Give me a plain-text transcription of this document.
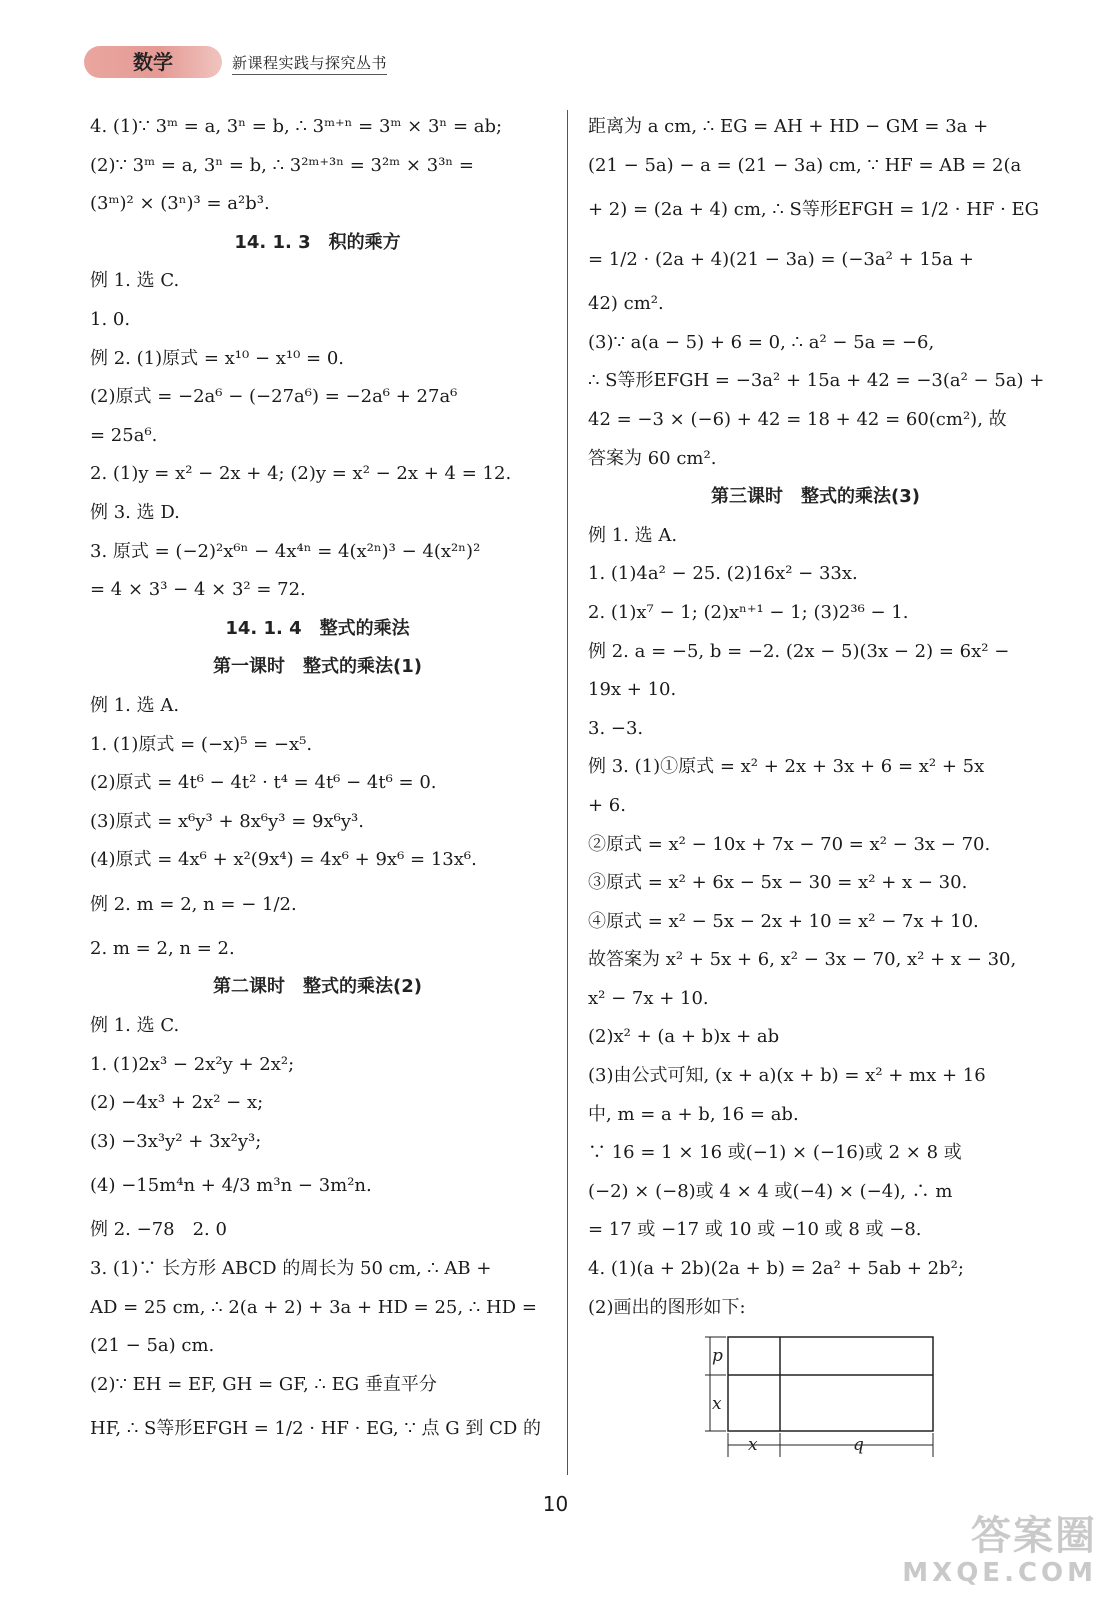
数学	新课程实践与探究丛书
4. (1)∵ 3ᵐ = a, 3ⁿ = b, ∴ 3ᵐ⁺ⁿ = 3ᵐ × 3ⁿ = ab;
(2)∵ 3ᵐ = a, 3ⁿ = b, ∴ 3²ᵐ⁺³ⁿ = 3²ᵐ × 3³ⁿ =
(3ᵐ)² × (3ⁿ)³ = a²b³.
14. 1. 3　积的乘方
例 1. 选 C.
1. 0.
例 2. (1)原式 = x¹⁰ − x¹⁰ = 0.
(2)原式 = −2a⁶ − (−27a⁶) = −2a⁶ + 27a⁶
= 25a⁶.
2. (1)y = x² − 2x + 4; (2)y = x² − 2x + 4 = 12.
例 3. 选 D.
3. 原式 = (−2)²x⁶ⁿ − 4x⁴ⁿ = 4(x²ⁿ)³ − 4(x²ⁿ)²
= 4 × 3³ − 4 × 3² = 72.
14. 1. 4　整式的乘法
第一课时　整式的乘法(1)
例 1. 选 A.
1. (1)原式 = (−x)⁵ = −x⁵.
(2)原式 = 4t⁶ − 4t² · t⁴ = 4t⁶ − 4t⁶ = 0.
(3)原式 = x⁶y³ + 8x⁶y³ = 9x⁶y³.
(4)原式 = 4x⁶ + x²(9x⁴) = 4x⁶ + 9x⁶ = 13x⁶.
例 2. m = 2, n = − 1/2.
2. m = 2, n = 2.
第二课时　整式的乘法(2)
例 1. 选 C.
1. (1)2x³ − 2x²y + 2x²;
(2) −4x³ + 2x² − x;
(3) −3x³y² + 3x²y³;
(4) −15m⁴n + 4/3 m³n − 3m²n.
例 2. −78　2. 0
3. (1)∵ 长方形 ABCD 的周长为 50 cm, ∴ AB +
AD = 25 cm, ∴ 2(a + 2) + 3a + HD = 25, ∴ HD =
(21 − 5a) cm.
(2)∵ EH = EF, GH = GF, ∴ EG 垂直平分
HF, ∴ S等形EFGH = 1/2 · HF · EG, ∵ 点 G 到 CD 的
距离为 a cm, ∴ EG = AH + HD − GM = 3a +
(21 − 5a) − a = (21 − 3a) cm, ∵ HF = AB = 2(a
+ 2) = (2a + 4) cm, ∴ S等形EFGH = 1/2 · HF · EG
= 1/2 · (2a + 4)(21 − 3a) = (−3a² + 15a +
42) cm².
(3)∵ a(a − 5) + 6 = 0, ∴ a² − 5a = −6,
∴ S等形EFGH = −3a² + 15a + 42 = −3(a² − 5a) +
42 = −3 × (−6) + 42 = 18 + 42 = 60(cm²), 故
答案为 60 cm².
第三课时　整式的乘法(3)
例 1. 选 A.
1. (1)4a² − 25. (2)16x² − 33x.
2. (1)x⁷ − 1; (2)xⁿ⁺¹ − 1; (3)2³⁶ − 1.
例 2. a = −5, b = −2. (2x − 5)(3x − 2) = 6x² −
19x + 10.
3. −3.
例 3. (1)①原式 = x² + 2x + 3x + 6 = x² + 5x
+ 6.
②原式 = x² − 10x + 7x − 70 = x² − 3x − 70.
③原式 = x² + 6x − 5x − 30 = x² + x − 30.
④原式 = x² − 5x − 2x + 10 = x² − 7x + 10.
故答案为 x² + 5x + 6, x² − 3x − 70, x² + x − 30,
x² − 7x + 10.
(2)x² + (a + b)x + ab
(3)由公式可知, (x + a)(x + b) = x² + mx + 16
中, m = a + b, 16 = ab.
∵ 16 = 1 × 16 或(−1) × (−16)或 2 × 8 或
(−2) × (−8)或 4 × 4 或(−4) × (−4), ∴ m
= 17 或 −17 或 10 或 −10 或 8 或 −8.
4. (1)(a + 2b)(2a + b) = 2a² + 5ab + 2b²;
(2)画出的图形如下:
p
x
x	q
10
答案圈
MXQE.COM
